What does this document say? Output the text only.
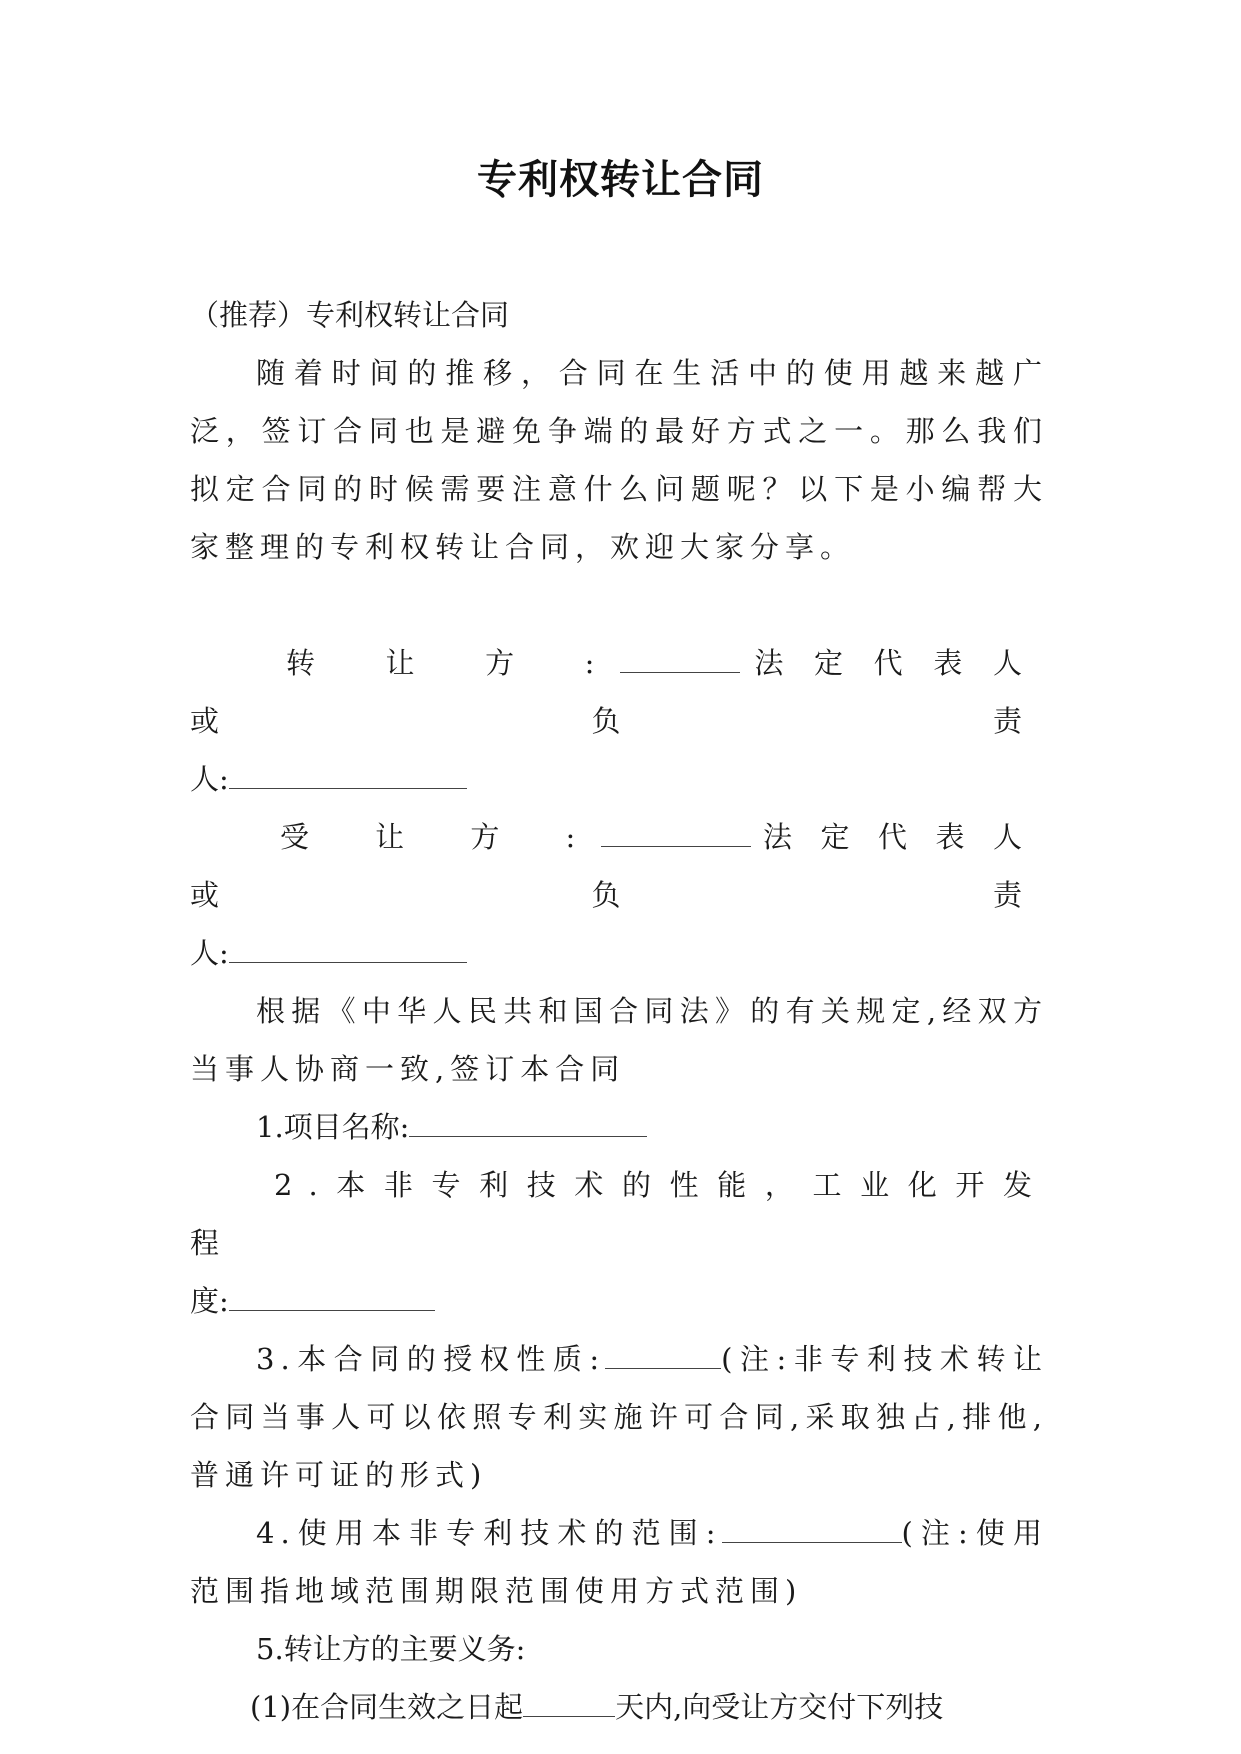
专利权转让合同

（推荐）专利权转让合同

随着时间的推移，合同在生活中的使用越来越广泛，签订合同也是避免争端的最好方式之一。那么我们拟定合同的时候需要注意什么问题呢？以下是小编帮大家整理的专利权转让合同，欢迎大家分享。

转 让 方 :	法定代表人或负责

人:

受 让 方 :	法定代表人或负责

人:

根据《中华人民共和国合同法》的有关规定,经双方当事人协商一致,签订本合同

1.项目名称:

2.本非专利技术的性能，工业化开发程

度:

3.本合同的授权性质:	(注:非专利技术转让合同当事人可以依照专利实施许可合同,采取独占,排他,普通许可证的形式)

4.使用本非专利技术的范围:	(注:使用范围指地域范围期限范围使用方式范围)

5.转让方的主要义务:

(1)在合同生效之日起	天内,向受让方交付下列技
